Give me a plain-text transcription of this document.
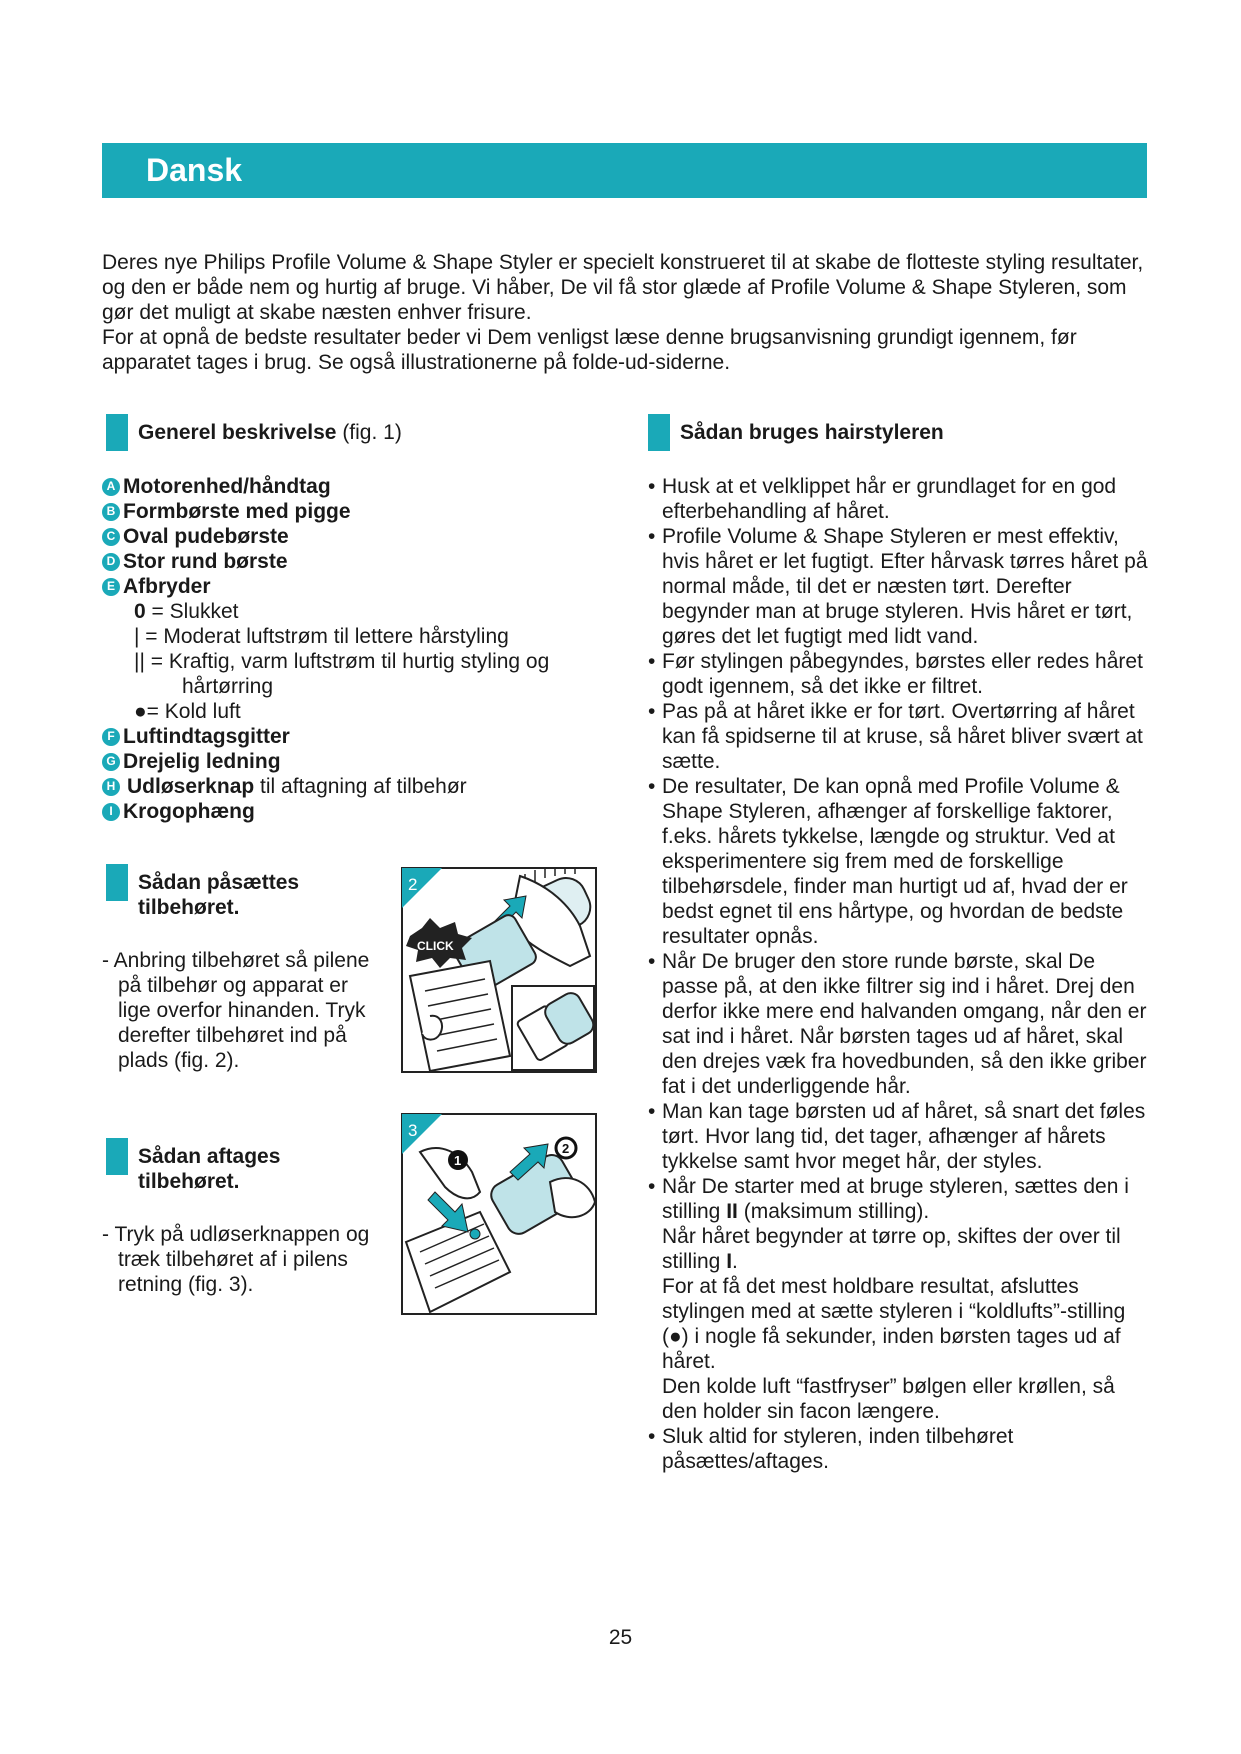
Dansk

Deres nye Philips Profile Volume & Shape Styler er specielt konstrueret til at skabe de flotteste styling resultater, og den er både nem og hurtig af bruge. Vi håber, De vil få stor glæde af Profile Volume & Shape Styleren, som gør det muligt at skabe næsten enhver frisure.

For at opnå de bedste resultater beder vi Dem venligst læse denne brugsanvisning grundigt igennem, før apparatet tages i brug. Se også illustrationerne på folde-ud-siderne.

Generel beskrivelse (fig. 1)
A Motorenhed/håndtag
B Formbørste med pigge
C Oval pudebørste
D Stor rund børste
E Afbryder
0 = Slukket
| = Moderat luftstrøm til lettere hårstyling
|| = Kraftig, varm luftstrøm til hurtig styling og
hårtørring
●= Kold luft
F Luftindtagsgitter
G Drejelig ledning
H Udløserknap
til aftagning af tilbehør
I Krogophæng
Sådan påsættes
tilbehøret.

- Anbring tilbehøret så pilene på tilbehør og apparat er lige overfor hinanden. Tryk derefter tilbehøret ind på plads (fig. 2).

2
CLICK
Sådan aftages
tilbehøret.

- Tryk på udløserknappen og træk tilbehøret af i pilens retning (fig. 3).

3
1
2
Sådan bruges hairstyleren
• Husk at et velklippet hår er grundlaget for en god efterbehandling af håret.
• Profile Volume & Shape Styleren er mest effektiv, hvis håret er let fugtigt. Efter hårvask tørres håret på normal måde, til det er næsten tørt. Derefter begynder man at bruge styleren. Hvis håret er tørt, gøres det let fugtigt med lidt vand.
• Før stylingen påbegyndes, børstes eller redes håret godt igennem, så det ikke er filtret.
• Pas på at håret ikke er for tørt. Overtørring af håret kan få spidserne til at kruse, så håret bliver svært at sætte.
• De resultater, De kan opnå med Profile Volume & Shape Styleren, afhænger af forskellige faktorer, f.eks. hårets tykkelse, længde og struktur. Ved at eksperimentere sig frem med de forskellige tilbehørsdele, finder man hurtigt ud af, hvad der er bedst egnet til ens hårtype, og hvordan de bedste resultater opnås.
• Når De bruger den store runde børste, skal De passe på, at den ikke filtrer sig ind i håret. Drej den derfor ikke mere end halvanden omgang, når den er sat ind i håret. Når børsten tages ud af håret, skal den drejes væk fra hovedbunden, så den ikke griber fat i det underliggende hår.
• Man kan tage børsten ud af håret, så snart det føles tørt. Hvor lang tid, det tager, afhænger af hårets tykkelse samt hvor meget hår, der styles.
• Når De starter med at bruge styleren, sættes den i stilling II (maksimum stilling).
Når håret begynder at tørre op, skiftes der over til stilling I.
For at få det mest holdbare resultat, afsluttes stylingen med at sætte styleren i “koldlufts”-stilling (●) i nogle få sekunder, inden børsten tages ud af håret.
Den kolde luft “fastfryser” bølgen eller krøllen, så den holder sin facon længere.
• Sluk altid for styleren, inden tilbehøret påsættes/aftages.
25
